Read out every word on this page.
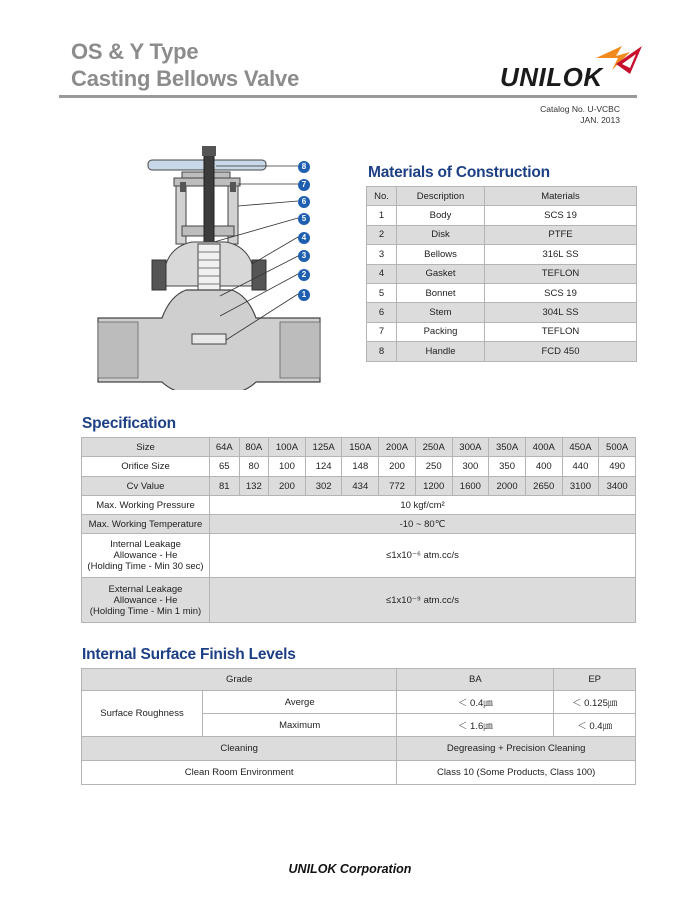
OS & Y Type
Casting Bellows Valve	UNILOK
Catalog No. U-VCBC
JAN. 2013
8
7
6
5
4
3
2
1
Materials of Construction
No.	Description	Materials
1	Body	SCS 19
2	Disk	PTFE
3	Bellows	316L SS
4	Gasket	TEFLON
5	Bonnet	SCS 19
6	Stem	304L SS
7	Packing	TEFLON
8	Handle	FCD 450
Specification
Size	64A	80A	100A	125A	150A	200A	250A	300A	350A	400A	450A	500A
Orifice Size	65	80	100	124	148	200	250	300	350	400	440	490
Cv Value	81	132	200	302	434	772	1200	1600	2000	2650	3100	3400
Max. Working Pressure	10 kgf/cm²											
Max. Working Temperature	-10 ~ 80℃											

Internal Leakage
Allowance - He
(Holding Time - Min 30 sec)	≤1x10⁻⁶ atm.cc/s											

External Leakage
Allowance - He
(Holding Time - Min 1 min)	≤1x10⁻⁹ atm.cc/s											
Internal Surface Finish Levels
Grade		BA	EP
Surface Roughness	Averge	＜ 0.4㎛	＜ 0.125㎛
	Maximum	＜ 1.6㎛	＜ 0.4㎛
Cleaning		Degreasing + Precision Cleaning	
Clean Room Environment		Class 10 (Some Products, Class 100)	
UNILOK Corporation
